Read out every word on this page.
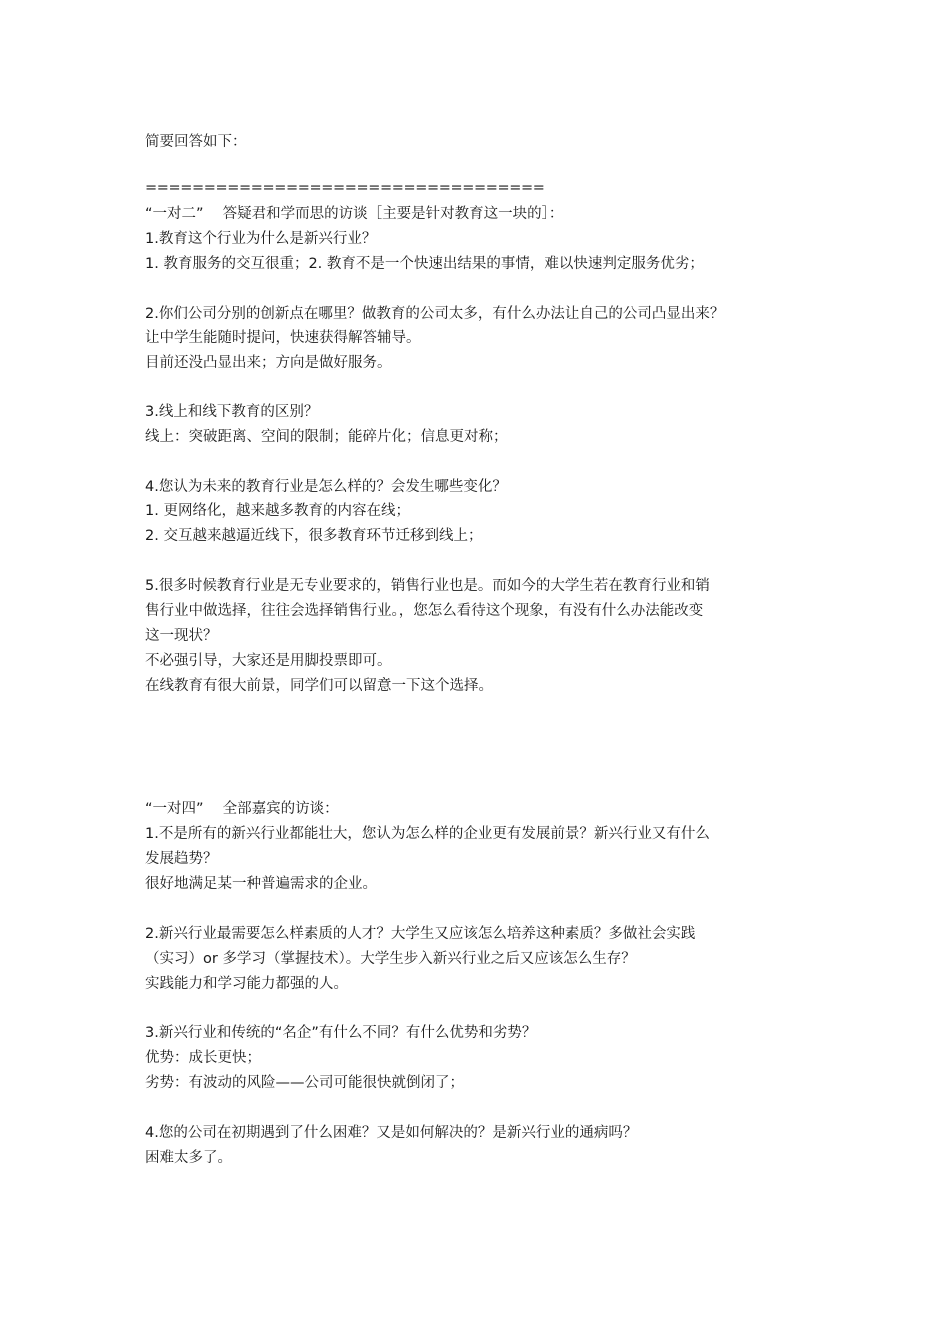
简要回答如下：
==================================
“一对二”　 答疑君和学而思的访谈［主要是针对教育这一块的］：
1.教育这个行业为什么是新兴行业？
1. 教育服务的交互很重；2. 教育不是一个快速出结果的事情，难以快速判定服务优劣；
2.你们公司分别的创新点在哪里？做教育的公司太多，有什么办法让自己的公司凸显出来？
让中学生能随时提问，快速获得解答辅导。
目前还没凸显出来；方向是做好服务。
3.线上和线下教育的区别？
线上：突破距离、空间的限制；能碎片化；信息更对称；
4.您认为未来的教育行业是怎么样的？会发生哪些变化？
1. 更网络化，越来越多教育的内容在线；
2. 交互越来越逼近线下，很多教育环节迁移到线上；
5.很多时候教育行业是无专业要求的，销售行业也是。而如今的大学生若在教育行业和销
售行业中做选择，往往会选择销售行业。，您怎么看待这个现象，有没有什么办法能改变
这一现状？
不必强引导，大家还是用脚投票即可。
在线教育有很大前景，同学们可以留意一下这个选择。
“一对四”　 全部嘉宾的访谈：
1.不是所有的新兴行业都能壮大，您认为怎么样的企业更有发展前景？新兴行业又有什么
发展趋势？
很好地满足某一种普遍需求的企业。
2.新兴行业最需要怎么样素质的人才？大学生又应该怎么培养这种素质？多做社会实践
（实习）or 多学习（掌握技术）。大学生步入新兴行业之后又应该怎么生存？
实践能力和学习能力都强的人。
3.新兴行业和传统的“名企”有什么不同？有什么优势和劣势？
优势：成长更快；
劣势：有波动的风险——公司可能很快就倒闭了；
4.您的公司在初期遇到了什么困难？又是如何解决的？是新兴行业的通病吗？
困难太多了。
